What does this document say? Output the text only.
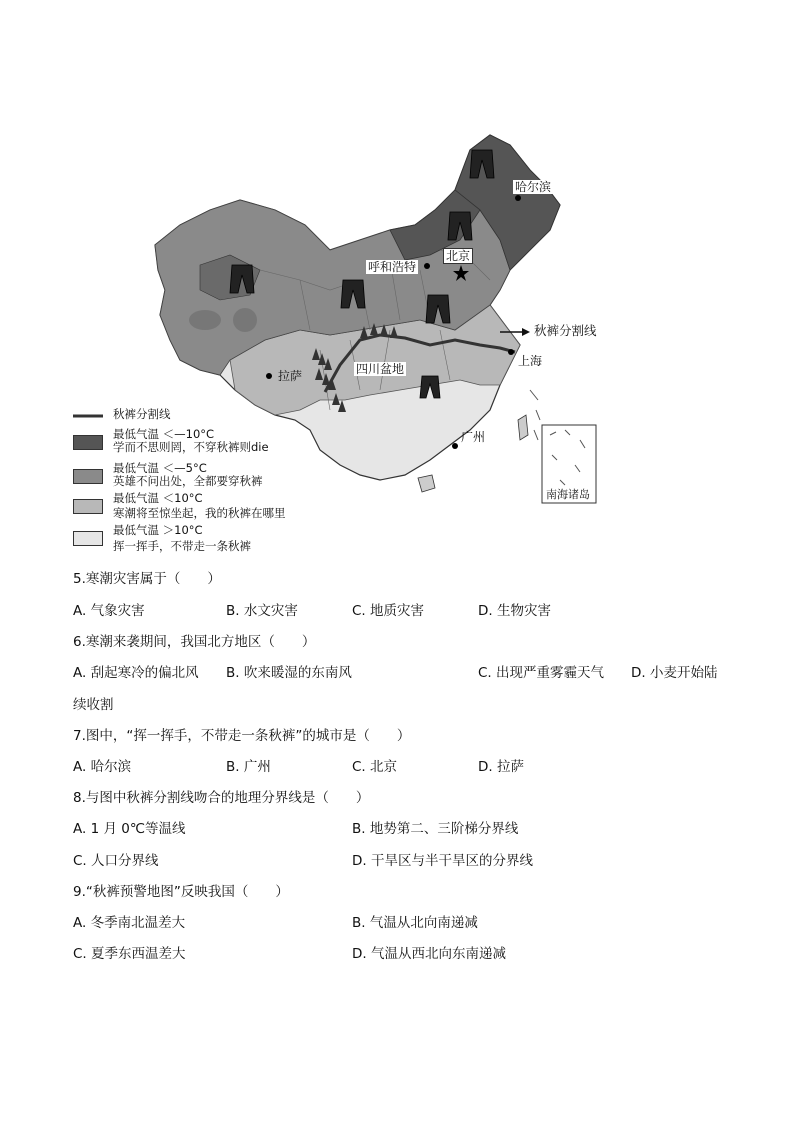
哈尔滨
北京
呼和浩特
拉萨	四川盆地
上海
广州
南海诸岛
秋裤分割线
秋裤分割线
最低气温 ＜—10°C
学而不思则罔，不穿秋裤则die
最低气温 ＜—5°C
英雄不问出处，全都要穿秋裤
最低气温 ＜10°C
寒潮将至惊坐起，我的秋裤在哪里
最低气温 ＞10°C
挥一挥手，不带走一条秋裤
5.寒潮灾害属于（　　）
A. 气象灾害	B. 水文灾害	C. 地质灾害	D. 生物灾害
6.寒潮来袭期间，我国北方地区（　　）
A. 刮起寒冷的偏北风 B. 吹来暖湿的东南风	C. 出现严重雾霾天气 D. 小麦开始陆
续收割
7.图中，“挥一挥手，不带走一条秋裤”的城市是（　　）
A. 哈尔滨	B. 广州	C. 北京	D. 拉萨
8.与图中秋裤分割线吻合的地理分界线是（　　）
A. 1 月 0℃等温线	B. 地势第二、三阶梯分界线
C. 人口分界线	D. 干旱区与半干旱区的分界线
9.“秋裤预警地图”反映我国（　　）
A. 冬季南北温差大	B. 气温从北向南递减
C. 夏季东西温差大	D. 气温从西北向东南递减
